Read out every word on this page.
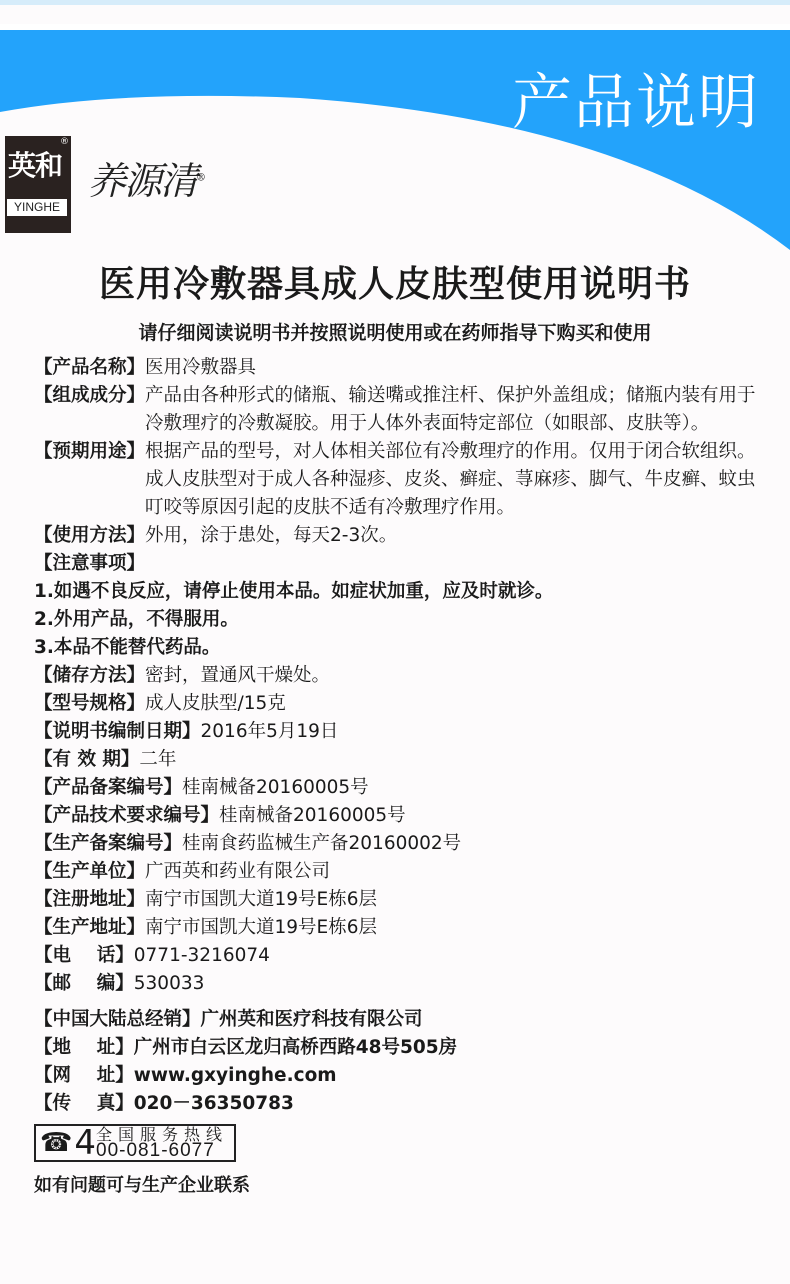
产品说明
®
英和
YINGHE
养源清®
医用冷敷器具成人皮肤型使用说明书
请仔细阅读说明书并按照说明使用或在药师指导下购买和使用
【产品名称】 医用冷敷器具
【组成成分】 产品由各种形式的储瓶、输送嘴或推注杆、保护外盖组成；储瓶内装有用于冷敷理疗的冷敷凝胶。用于人体外表面特定部位（如眼部、皮肤等）。
【预期用途】 根据产品的型号，对人体相关部位有冷敷理疗的作用。仅用于闭合软组织。成人皮肤型对于成人各种湿疹、皮炎、癣症、荨麻疹、脚气、牛皮癣、蚊虫叮咬等原因引起的皮肤不适有冷敷理疗作用。
【使用方法】 外用，涂于患处，每天2-3次。
【注意事项】
1.如遇不良反应，请停止使用本品。如症状加重，应及时就诊。
2.外用产品，不得服用。
3.本品不能替代药品。
【储存方法】 密封，置通风干燥处。
【型号规格】 成人皮肤型/15克
【说明书编制日期】 2016年5月19日
【有 效 期】 二年
【产品备案编号】 桂南械备20160005号
【产品技术要求编号】 桂南械备20160005号
【生产备案编号】 桂南食药监械生产备20160002号
【生产单位】 广西英和药业有限公司
【注册地址】 南宁市国凯大道19号E栋6层
【生产地址】 南宁市国凯大道19号E栋6层
【电    话】 0771-3216074
【邮    编】 530033
【中国大陆总经销】 广州英和医疗科技有限公司
【地    址】 广州市白云区龙归高桥西路48号505房
【网    址】 www.gxyinghe.com
【传    真】 020－36350783
☎ 4 全国服务热线
00-081-6077
如有问题可与生产企业联系
